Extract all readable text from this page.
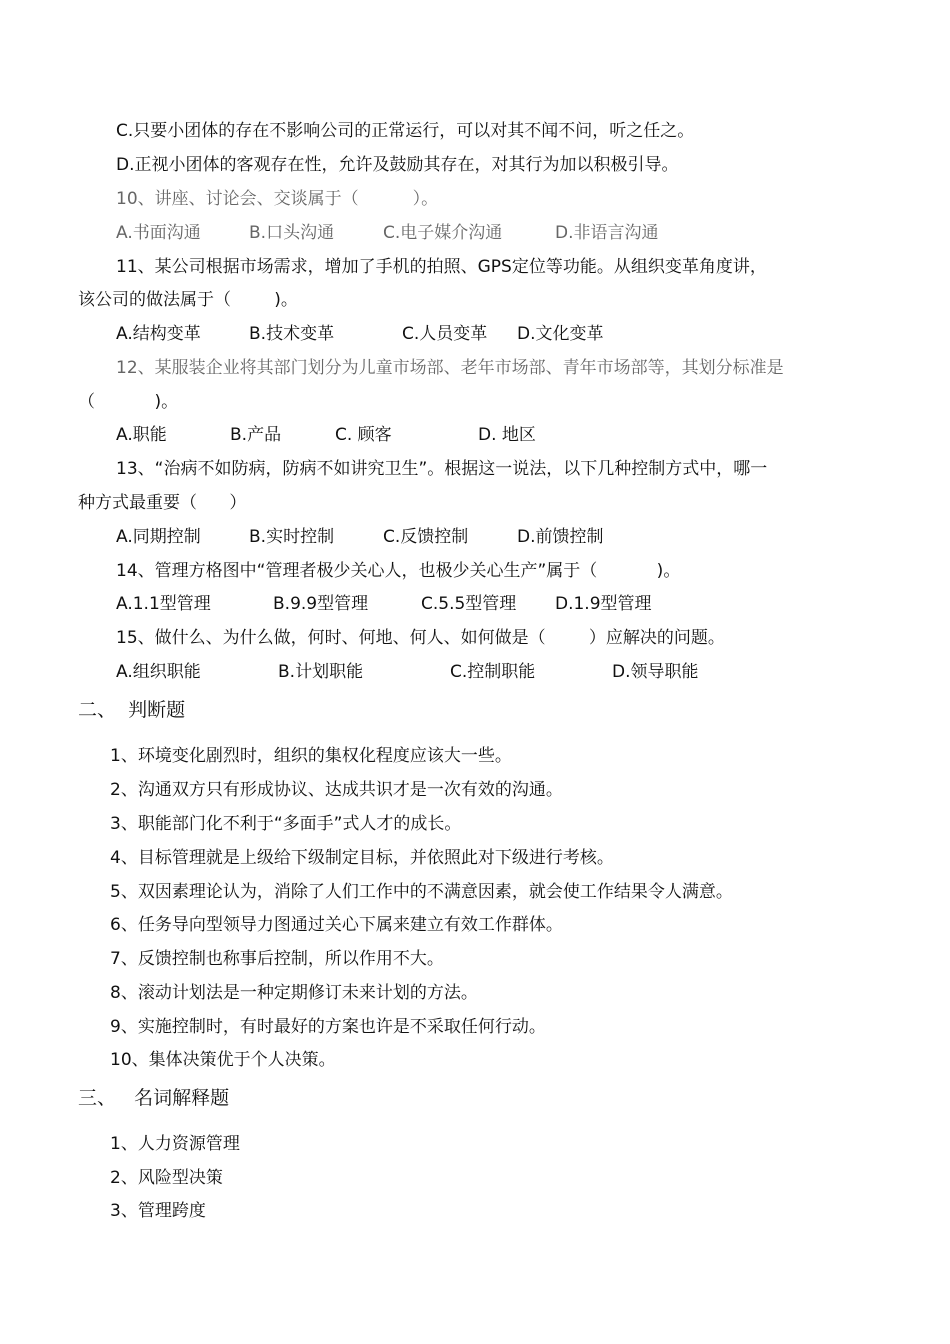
C.只要小团体的存在不影响公司的正常运行，可以对其不闻不问，听之任之。
D.正视小团体的客观存在性，允许及鼓励其存在，对其行为加以积极引导。
10、讲座、讨论会、交谈属于（          ）。
A.书面沟通	B.口头沟通	C.电子媒介沟通	D.非语言沟通
11、某公司根据市场需求，增加了手机的拍照、GPS定位等功能。从组织变革角度讲，
该公司的做法属于（        )。
A.结构变革	B.技术变革	C.人员变革 D.文化变革
12、某服装企业将其部门划分为儿童市场部、老年市场部、青年市场部等，其划分标准是
（           )。
A.职能	B.产品	C. 顾客	D. 地区
13、“治病不如防病，防病不如讲究卫生”。根据这一说法，以下几种控制方式中，哪一
种方式最重要（      ）
A.同期控制	B.实时控制	C.反馈控制	D.前馈控制
14、管理方格图中“管理者极少关心人，也极少关心生产”属于（           )。
A.1.1型管理	B.9.9型管理	C.5.5型管理 D.1.9型管理
15、做什么、为什么做，何时、何地、何人、如何做是（        ）应解决的问题。
A.组织职能	B.计划职能	C.控制职能	D.领导职能
二、  判断题
1、环境变化剧烈时，组织的集权化程度应该大一些。
2、沟通双方只有形成协议、达成共识才是一次有效的沟通。
3、职能部门化不利于“多面手”式人才的成长。
4、目标管理就是上级给下级制定目标，并依照此对下级进行考核。
5、双因素理论认为，消除了人们工作中的不满意因素，就会使工作结果令人满意。
6、任务导向型领导力图通过关心下属来建立有效工作群体。
7、反馈控制也称事后控制，所以作用不大。
8、滚动计划法是一种定期修订未来计划的方法。
9、实施控制时，有时最好的方案也许是不采取任何行动。
10、集体决策优于个人决策。
三、   名词解释题
1、人力资源管理
2、风险型决策
3、管理跨度
